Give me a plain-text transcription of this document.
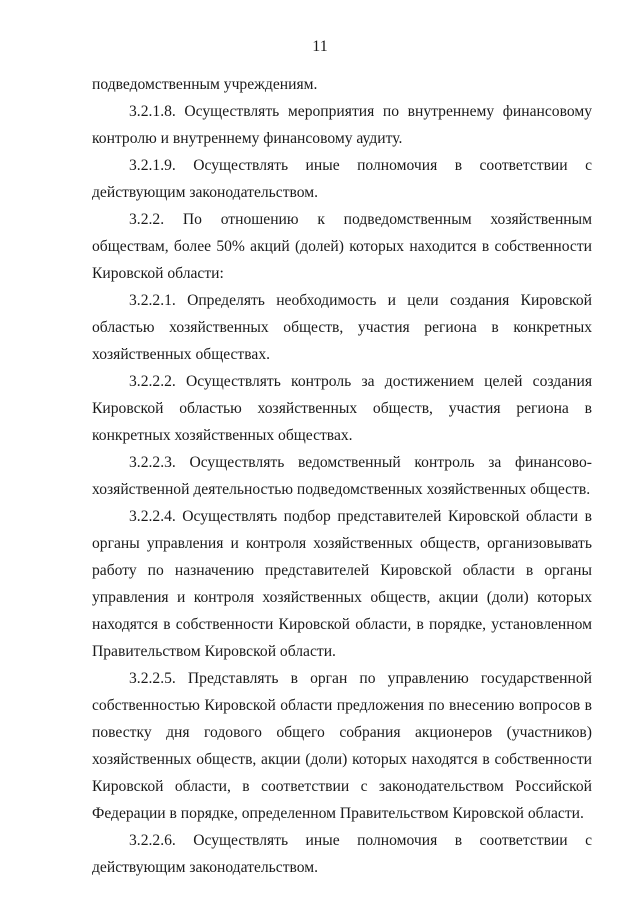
11

подведомственным учреждениям.

3.2.1.8. Осуществлять мероприятия по внутреннему финансовому контролю и внутреннему финансовому аудиту.

3.2.1.9. Осуществлять иные полномочия в соответствии с действующим законодательством.

3.2.2. По отношению к подведомственным хозяйственным обществам, более 50% акций (долей) которых находится в собственности Кировской области:

3.2.2.1. Определять необходимость и цели создания Кировской областью хозяйственных обществ, участия региона в конкретных хозяйственных обществах.

3.2.2.2. Осуществлять контроль за достижением целей создания Кировской областью хозяйственных обществ, участия региона в конкретных хозяйственных обществах.

3.2.2.3. Осуществлять ведомственный контроль за финансово-хозяйственной деятельностью подведомственных хозяйственных обществ.

3.2.2.4. Осуществлять подбор представителей Кировской области в органы управления и контроля хозяйственных обществ, организовывать работу по назначению представителей Кировской области в органы управления и контроля хозяйственных обществ, акции (доли) которых находятся в собственности Кировской области, в порядке, установленном Правительством Кировской области.

3.2.2.5. Представлять в орган по управлению государственной собственностью Кировской области предложения по внесению вопросов в повестку дня годового общего собрания акционеров (участников) хозяйственных обществ, акции (доли) которых находятся в собственности Кировской области, в соответствии с законодательством Российской Федерации в порядке, определенном Правительством Кировской области.

3.2.2.6. Осуществлять иные полномочия в соответствии с действующим законодательством.
